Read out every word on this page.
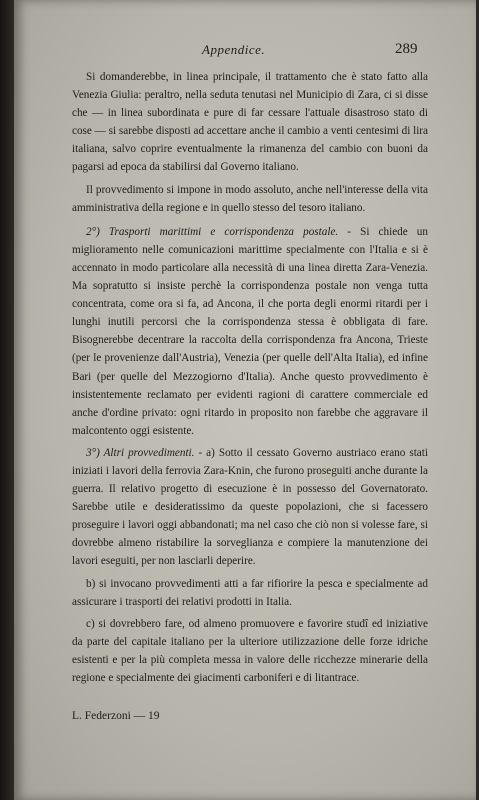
Appendice.	289

Si domanderebbe, in linea principale, il trattamento che è stato fatto alla Venezia Giulia: peraltro, nella seduta tenutasi nel Municipio di Zara, ci si disse che — in linea subordinata e pure di far cessare l'attuale disastroso stato di cose — si sarebbe disposti ad accettare anche il cambio a venti centesimi di lira italiana, salvo coprire eventualmente la rimanenza del cambio con buoni da pagarsi ad epoca da stabilirsi dal Governo italiano.

Il provvedimento si impone in modo assoluto, anche nell'interesse della vita amministrativa della regione e in quello stesso del tesoro italiano.

2°) Trasporti marittimi e corrispondenza postale. - Si chiede un miglioramento nelle comunicazioni marittime specialmente con l'Italia e si è accennato in modo particolare alla necessità di una linea diretta Zara-Venezia. Ma sopratutto si insiste perchè la corrispondenza postale non venga tutta concentrata, come ora si fa, ad Ancona, il che porta degli enormi ritardi per i lunghi inutili percorsi che la corrispondenza stessa è obbligata di fare. Bisognerebbe decentrare la raccolta della corrispondenza fra Ancona, Trieste (per le provenienze dall'Austria), Venezia (per quelle dell'Alta Italia), ed infine Bari (per quelle del Mezzogiorno d'Italia). Anche questo provvedimento è insistentemente reclamato per evidenti ragioni di carattere commerciale ed anche d'ordine privato: ogni ritardo in proposito non farebbe che aggravare il malcontento oggi esistente.

3°) Altri provvedimenti. - a) Sotto il cessato Governo austriaco erano stati iniziati i lavori della ferrovia Zara-Knin, che furono proseguiti anche durante la guerra. Il relativo progetto di esecuzione è in possesso del Governatorato. Sarebbe utile e desideratissimo da queste popolazioni, che si facessero proseguire i lavori oggi abbandonati; ma nel caso che ciò non si volesse fare, si dovrebbe almeno ristabilire la sorveglianza e compiere la manutenzione dei lavori eseguiti, per non lasciarli deperire.

b) si invocano provvedimenti atti a far rifiorire la pesca e specialmente ad assicurare i trasporti dei relativi prodotti in Italia.

c) si dovrebbero fare, od almeno promuovere e favorire studî ed iniziative da parte del capitale italiano per la ulteriore utilizzazione delle forze idriche esistenti e per la più completa messa in valore delle ricchezze minerarie della regione e specialmente dei giacimenti carboniferi e di litantrace.

L. Federzoni — 19
